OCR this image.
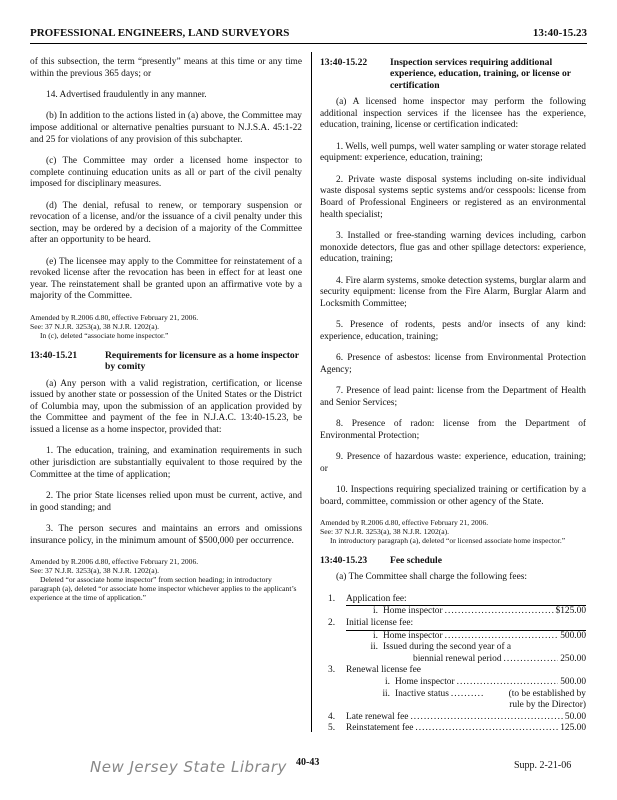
PROFESSIONAL ENGINEERS, LAND SURVEYORS	13:40-15.23

of this subsection, the term “presently” means at this time or any time within the previous 365 days; or

14. Advertised fraudulently in any manner.

(b) In addition to the actions listed in (a) above, the Committee may impose additional or alternative penalties pursuant to N.J.S.A. 45:1-22 and 25 for violations of any provision of this subchapter.

(c) The Committee may order a licensed home inspector to complete continuing education units as all or part of the civil penalty imposed for disciplinary measures.

(d) The denial, refusal to renew, or temporary suspension or revocation of a license, and/or the issuance of a civil penalty under this section, may be ordered by a decision of a majority of the Committee after an opportunity to be heard.

(e) The licensee may apply to the Committee for reinstatement of a revoked license after the revocation has been in effect for at least one year. The reinstatement shall be granted upon an affirmative vote by a majority of the Committee.

Amended by R.2006 d.80, effective February 21, 2006.
See: 37 N.J.R. 3253(a), 38 N.J.R. 1202(a).
In (c), deleted “associate home inspector.”
13:40-15.21	Requirements for licensure as a home inspector by comity

(a) Any person with a valid registration, certification, or license issued by another state or possession of the United States or the District of Columbia may, upon the submission of an application provided by the Committee and payment of the fee in N.J.A.C. 13:40-15.23, be issued a license as a home inspector, provided that:

1. The education, training, and examination requirements in such other jurisdiction are substantially equivalent to those required by the Committee at the time of application;

2. The prior State licenses relied upon must be current, active, and in good standing; and

3. The person secures and maintains an errors and omissions insurance policy, in the minimum amount of $500,000 per occurrence.

Amended by R.2006 d.80, effective February 21, 2006.
See: 37 N.J.R. 3253(a), 38 N.J.R. 1202(a).
Deleted “or associate home inspector” from section heading; in introductory paragraph (a), deleted “or associate home inspector whichever applies to the applicant’s experience at the time of application.”
13:40-15.22	Inspection services requiring additional experience, education, training, or license or certification

(a) A licensed home inspector may perform the following additional inspection services if the licensee has the experience, education, training, license or certification indicated:

1. Wells, well pumps, well water sampling or water storage related equipment: experience, education, training;

2. Private waste disposal systems including on-site individual waste disposal systems septic systems and/or cesspools: license from Board of Professional Engineers or registered as an environmental health specialist;

3. Installed or free-standing warning devices including, carbon monoxide detectors, flue gas and other spillage detectors: experience, education, training;

4. Fire alarm systems, smoke detection systems, burglar alarm and security equipment: license from the Fire Alarm, Burglar Alarm and Locksmith Committee;

5. Presence of rodents, pests and/or insects of any kind: experience, education, training;

6. Presence of asbestos: license from Environmental Protection Agency;

7. Presence of lead paint: license from the Department of Health and Senior Services;

8. Presence of radon: license from the Department of Environmental Protection;

9. Presence of hazardous waste: experience, education, training; or

10. Inspections requiring specialized training or certification by a board, committee, commission or other agency of the State.

Amended by R.2006 d.80, effective February 21, 2006.
See: 37 N.J.R. 3253(a), 38 N.J.R. 1202(a).
In introductory paragraph (a), deleted “or licensed associate home inspector.”
13:40-15.23	Fee schedule

(a) The Committee shall charge the following fees:

1.	Application fee:
i. Home inspector .....	$125.00
2.	Initial license fee:
i. Home inspector .....	500.00
ii. Issued during the second year of a
biennial renewal period .....	250.00
3.	Renewal license fee
i. Home inspector .....	500.00
ii. Inactive status .....	(to be established by
rule by the Director)
4.	Late renewal fee .....	50.00
5.	Reinstatement fee .....	125.00
New Jersey State Library 40-43	Supp. 2-21-06
